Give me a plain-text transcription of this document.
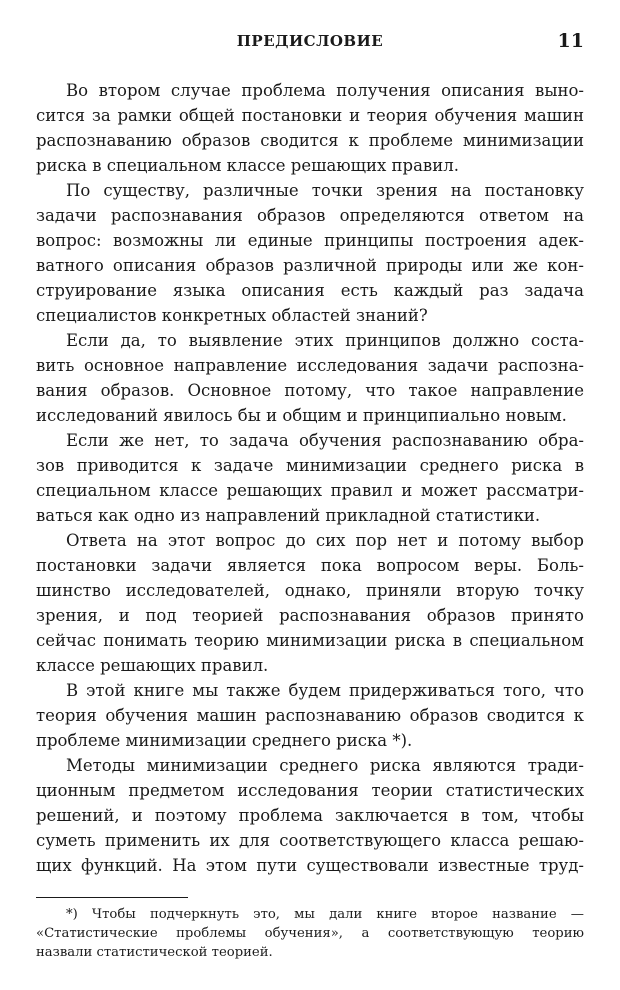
ПРЕДИСЛОВИЕ	11
Во втором случае проблема получения описания выно-
сится за рамки общей постановки и теория обучения машин
распознаванию образов сводится к проблеме минимизации
риска в специальном классе решающих правил.
По существу, различные точки зрения на постановку
задачи распознавания образов определяются ответом на
вопрос: возможны ли единые принципы построения адек-
ватного описания образов различной природы или же кон-
струирование языка описания есть каждый раз задача
специалистов конкретных областей знаний?
Если да, то выявление этих принципов должно соста-
вить основное направление исследования задачи распозна-
вания образов. Основное потому, что такое направление
исследований явилось бы и общим и принципиально новым.
Если же нет, то задача обучения распознаванию обра-
зов приводится к задаче минимизации среднего риска в
специальном классе решающих правил и может рассматри-
ваться как одно из направлений прикладной статистики.
Ответа на этот вопрос до сих пор нет и потому выбор
постановки задачи является пока вопросом веры. Боль-
шинство исследователей, однако, приняли вторую точку
зрения, и под теорией распознавания образов принято
сейчас понимать теорию минимизации риска в специальном
классе решающих правил.
В этой книге мы также будем придерживаться того, что
теория обучения машин распознаванию образов сводится к
проблеме минимизации среднего риска *).
Методы минимизации среднего риска являются тради-
ционным предметом исследования теории статистических
решений, и поэтому проблема заключается в том, чтобы
суметь применить их для соответствующего класса решаю-
щих функций. На этом пути существовали известные труд-
*) Чтобы подчеркнуть это, мы дали книге второе название —
«Статистические проблемы обучения», а соответствующую теорию
назвали статистической теорией.
